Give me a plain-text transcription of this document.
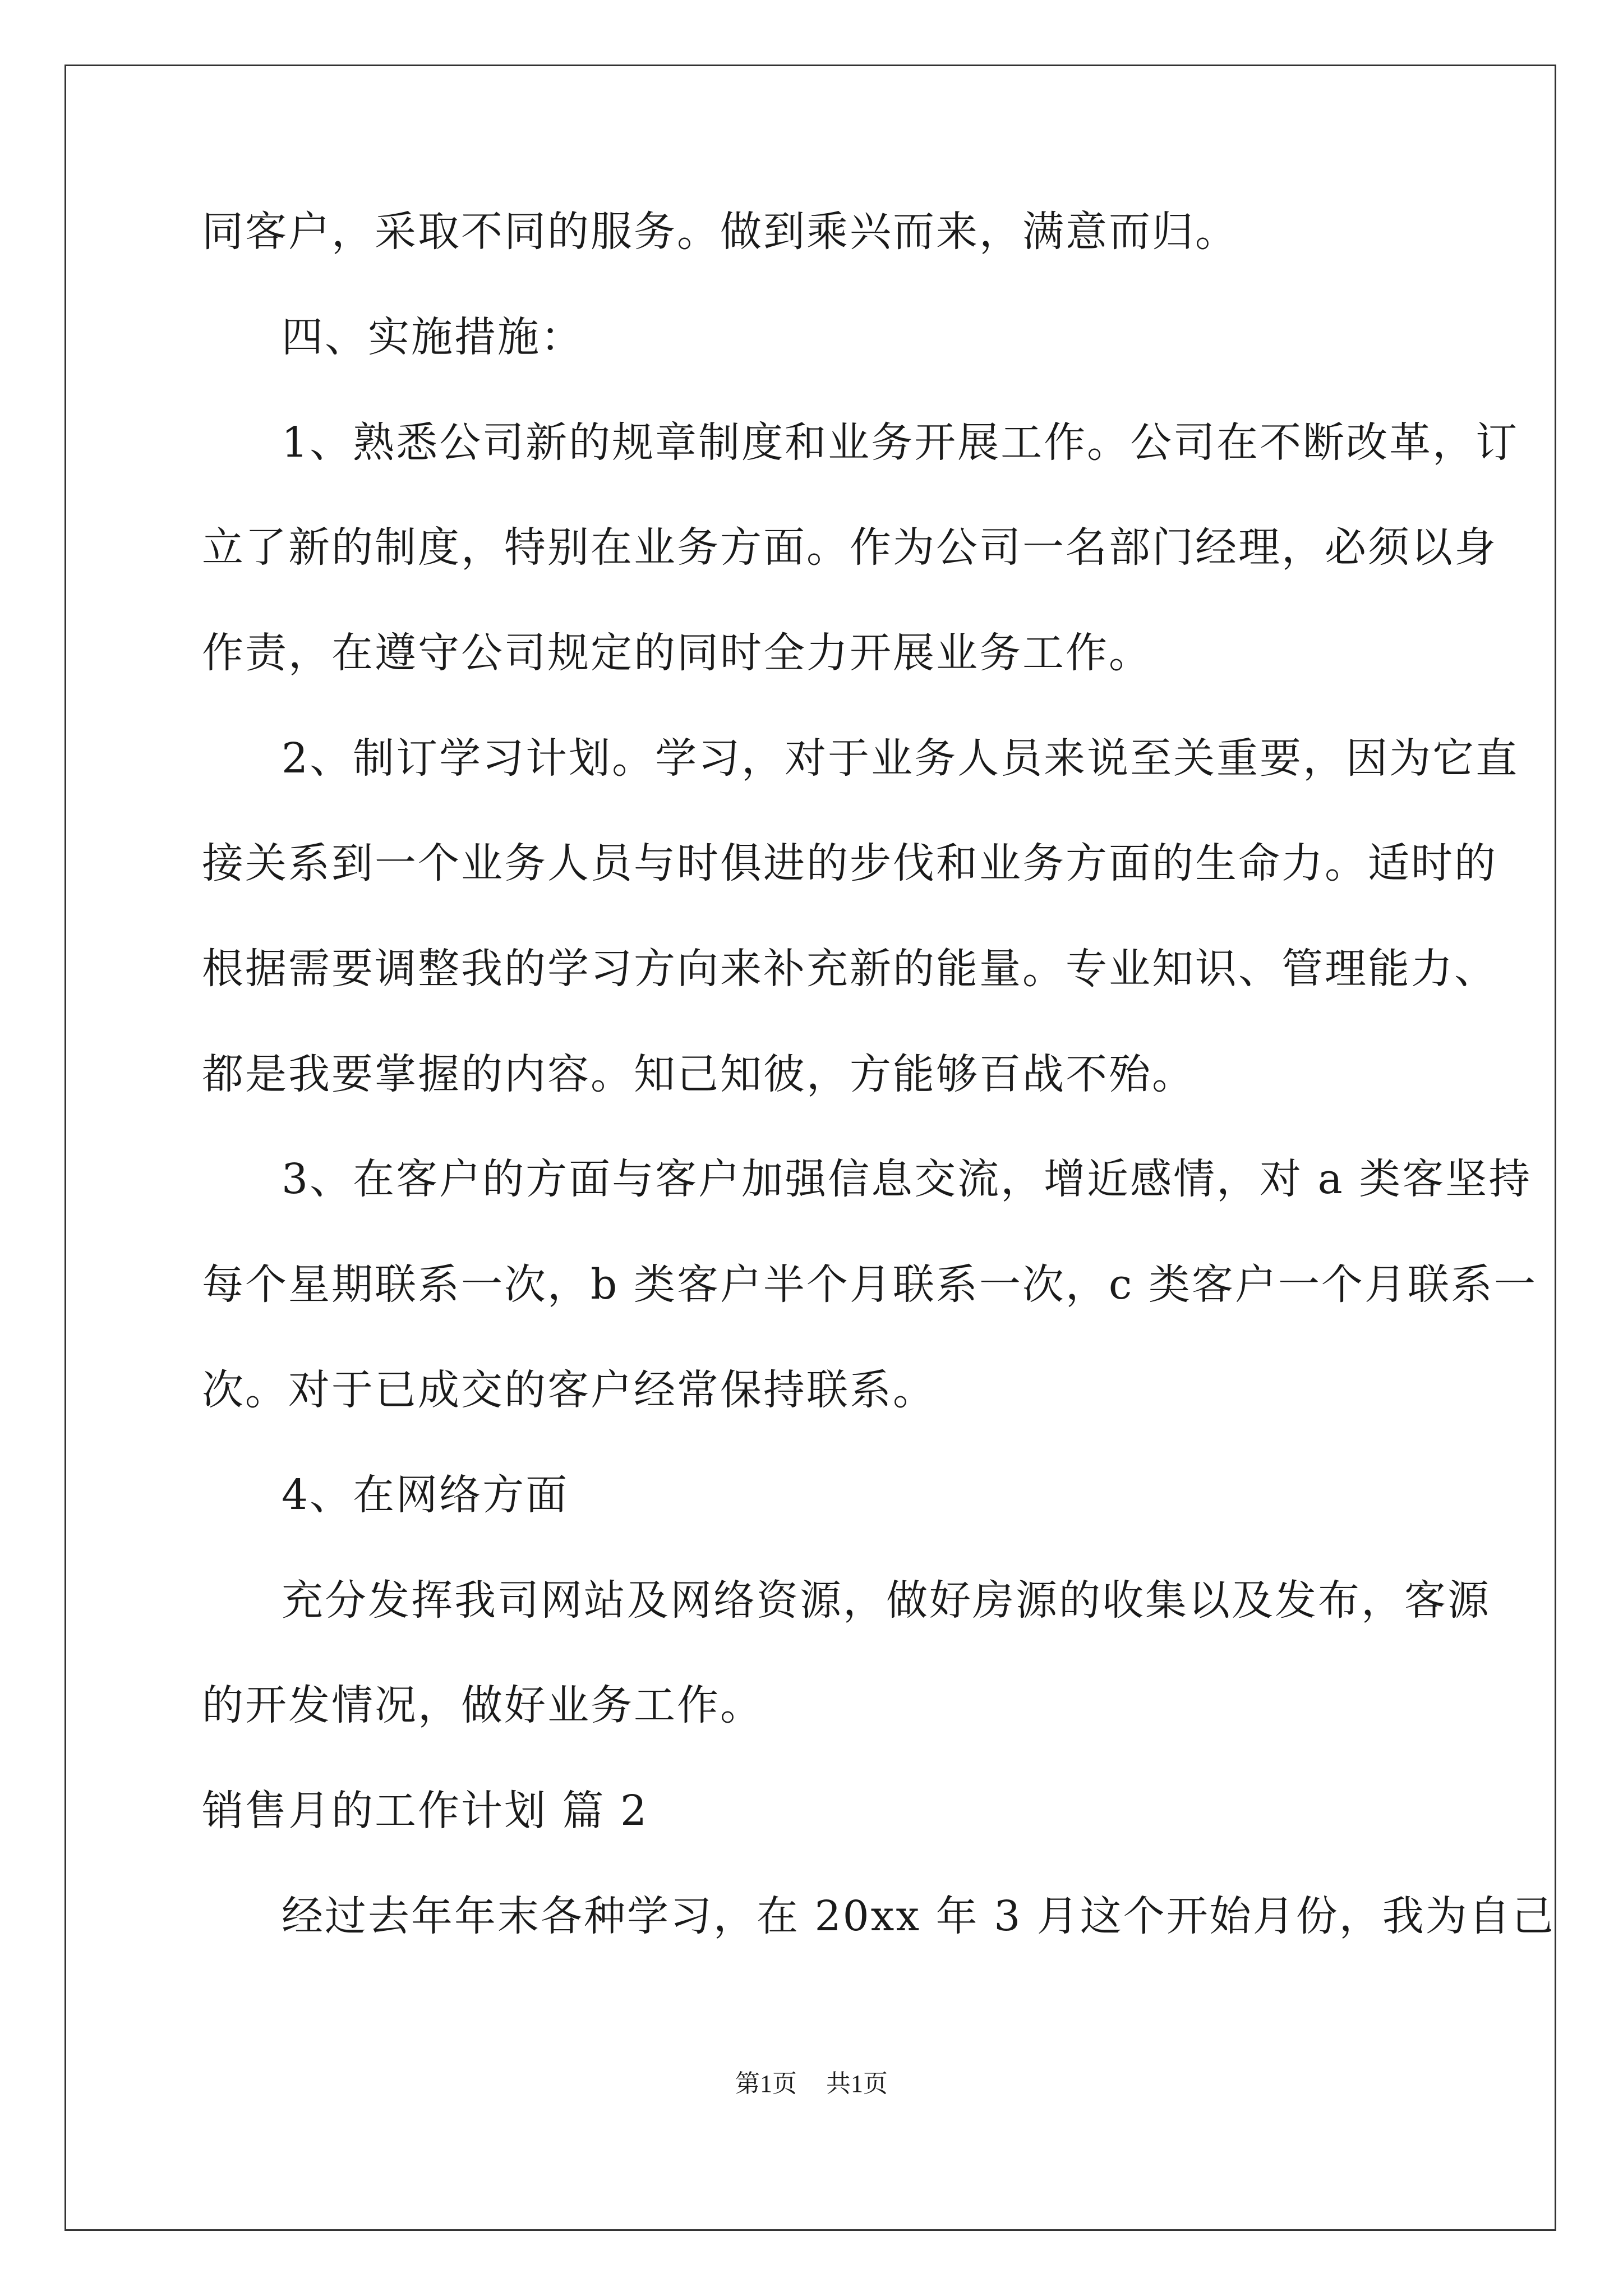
同客户，采取不同的服务。做到乘兴而来，满意而归。

四、实施措施：

1、熟悉公司新的规章制度和业务开展工作。公司在不断改革，订

立了新的制度，特别在业务方面。作为公司一名部门经理，必须以身

作责，在遵守公司规定的同时全力开展业务工作。

2、制订学习计划。学习，对于业务人员来说至关重要，因为它直

接关系到一个业务人员与时俱进的步伐和业务方面的生命力。适时的

根据需要调整我的学习方向来补充新的能量。专业知识、管理能力、

都是我要掌握的内容。知己知彼，方能够百战不殆。

3、在客户的方面与客户加强信息交流，增近感情，对 a 类客坚持

每个星期联系一次，b 类客户半个月联系一次，c 类客户一个月联系一

次。对于已成交的客户经常保持联系。

4、在网络方面

充分发挥我司网站及网络资源，做好房源的收集以及发布，客源

的开发情况，做好业务工作。

销售月的工作计划 篇 2

经过去年年末各种学习，在 20xx 年 3 月这个开始月份，我为自己

第1页 共1页
